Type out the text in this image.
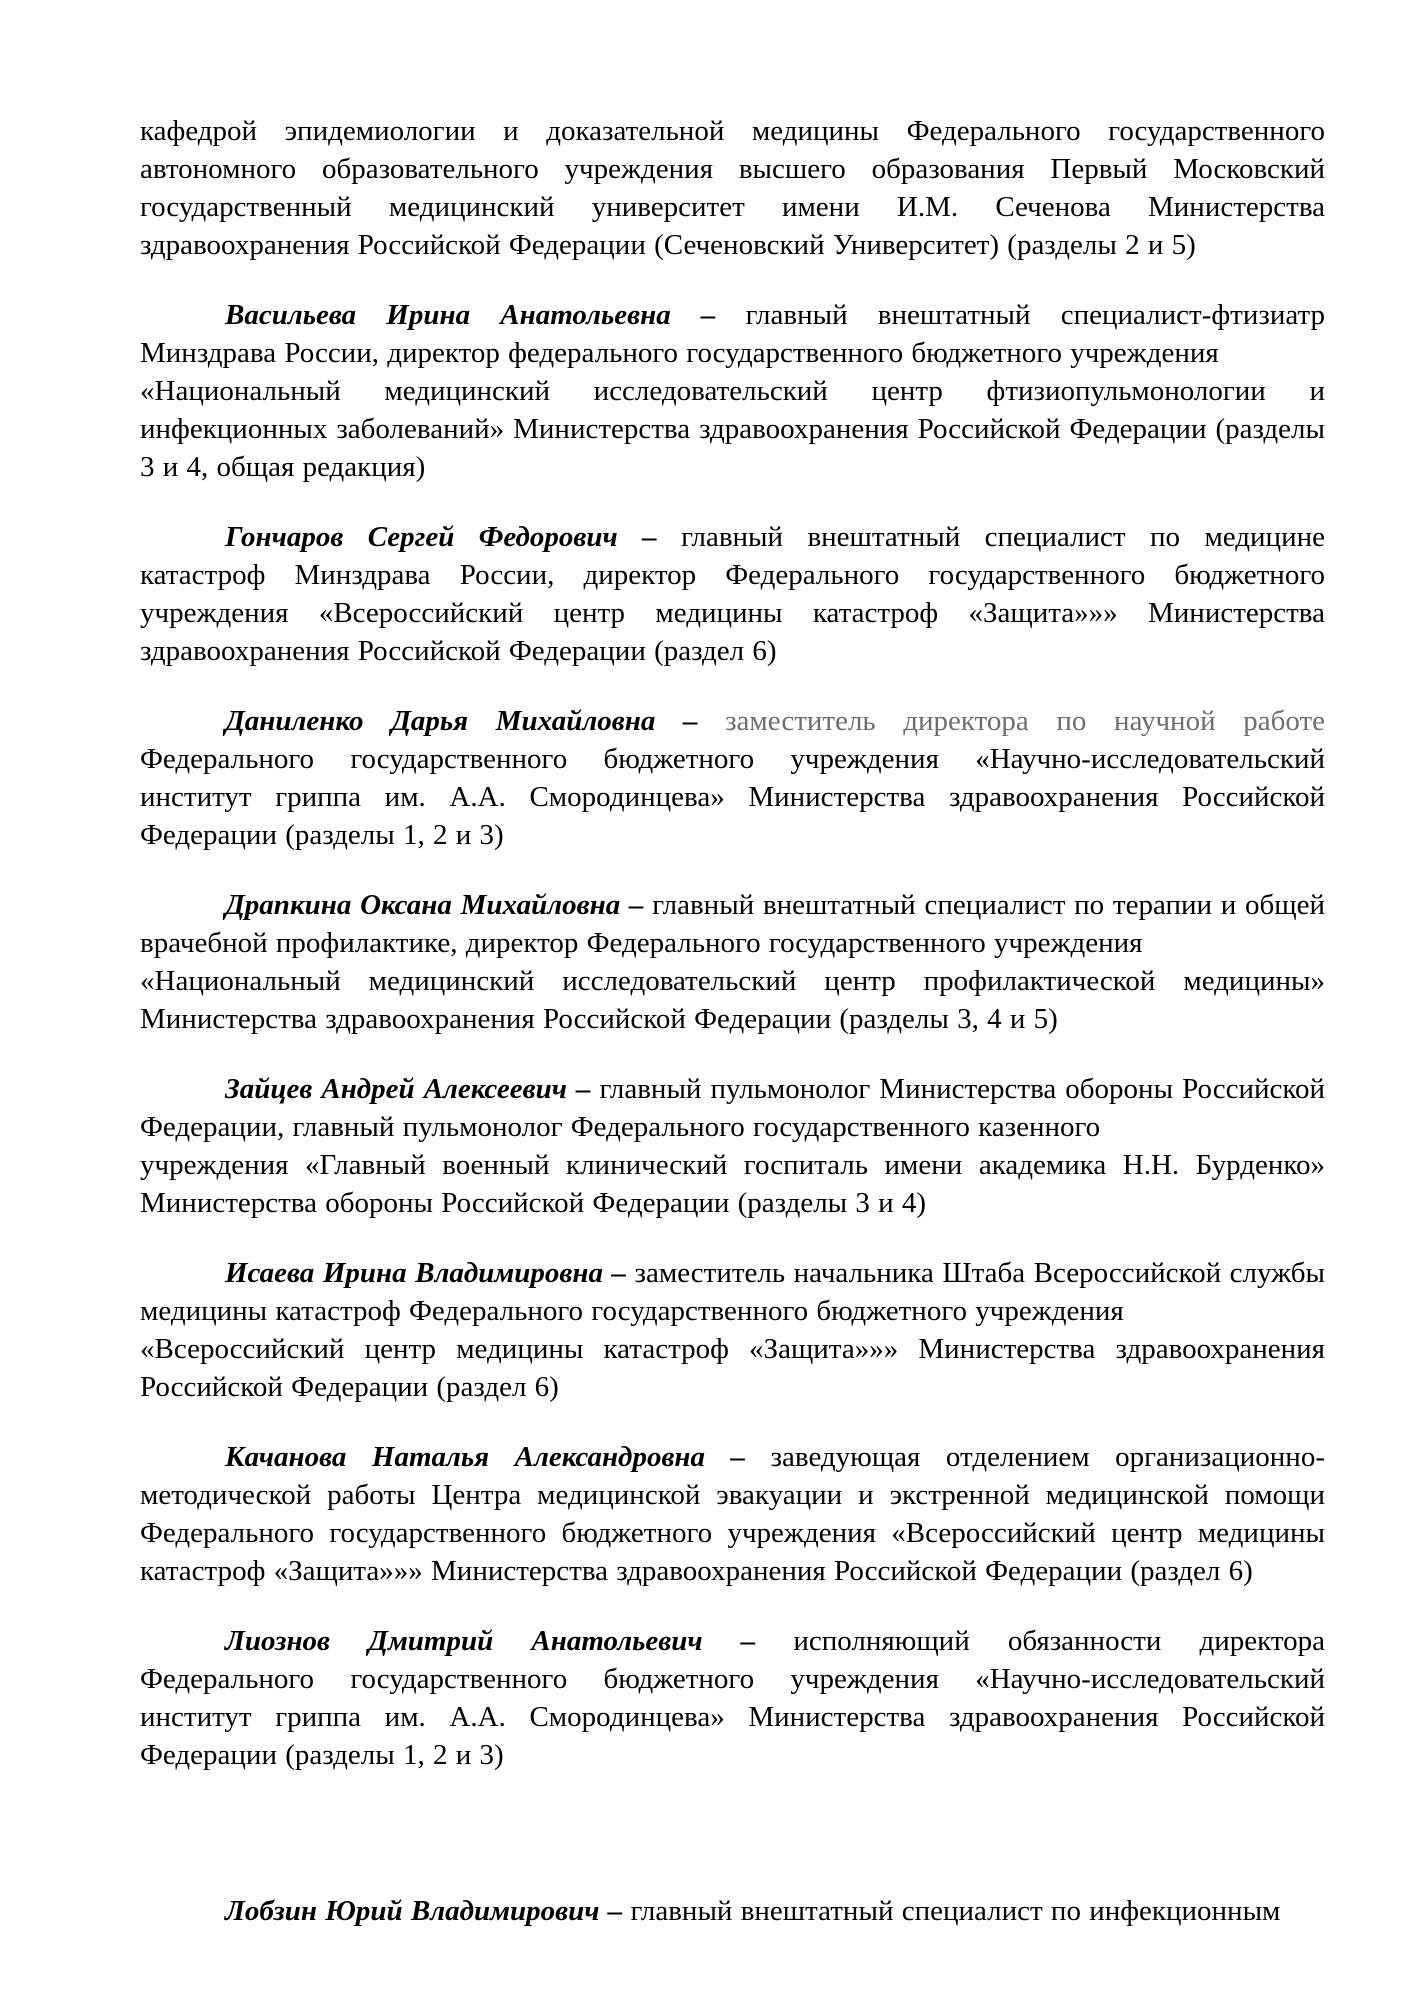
кафедрой эпидемиологии и доказательной медицины Федерального государственного автономного образовательного учреждения высшего образования Первый Московский государственный медицинский университет имени И.М. Сеченова Министерства здравоохранения Российской Федерации (Сеченовский Университет) (разделы 2 и 5)

Васильева Ирина Анатольевна – главный внештатный специалист-фтизиатр Минздрава России, директор федерального государственного бюджетного учреждения
«Национальный медицинский исследовательский центр фтизиопульмонологии и инфекционных заболеваний» Министерства здравоохранения Российской Федерации (разделы 3 и 4, общая редакция)

Гончаров Сергей Федорович – главный внештатный специалист по медицине катастроф Минздрава России, директор Федерального государственного бюджетного учреждения «Всероссийский центр медицины катастроф «Защита»»» Министерства здравоохранения Российской Федерации (раздел 6)

Даниленко Дарья Михайловна – заместитель директора по научной работе Федерального государственного бюджетного учреждения «Научно-исследовательский институт гриппа им. А.А. Смородинцева» Министерства здравоохранения Российской Федерации (разделы 1, 2 и 3)

Драпкина Оксана Михайловна – главный внештатный специалист по терапии и общей врачебной профилактике, директор Федерального государственного учреждения
«Национальный медицинский исследовательский центр профилактической медицины» Министерства здравоохранения Российской Федерации (разделы 3, 4 и 5)

Зайцев Андрей Алексеевич – главный пульмонолог Министерства обороны Российской Федерации, главный пульмонолог Федерального государственного казенного
учреждения «Главный военный клинический госпиталь имени академика Н.Н. Бурденко» Министерства обороны Российской Федерации (разделы 3 и 4)

Исаева Ирина Владимировна – заместитель начальника Штаба Всероссийской службы медицины катастроф Федерального государственного бюджетного учреждения
«Всероссийский центр медицины катастроф «Защита»»» Министерства здравоохранения Российской Федерации (раздел 6)

Качанова Наталья Александровна – заведующая отделением организационно-методической работы Центра медицинской эвакуации и экстренной медицинской помощи Федерального государственного бюджетного учреждения «Всероссийский центр медицины катастроф «Защита»»» Министерства здравоохранения Российской Федерации (раздел 6)

Лиознов Дмитрий Анатольевич – исполняющий обязанности директора Федерального государственного бюджетного учреждения «Научно-исследовательский институт гриппа им. А.А. Смородинцева» Министерства здравоохранения Российской Федерации (разделы 1, 2 и 3)

Лобзин Юрий Владимирович – главный внештатный специалист по инфекционным
